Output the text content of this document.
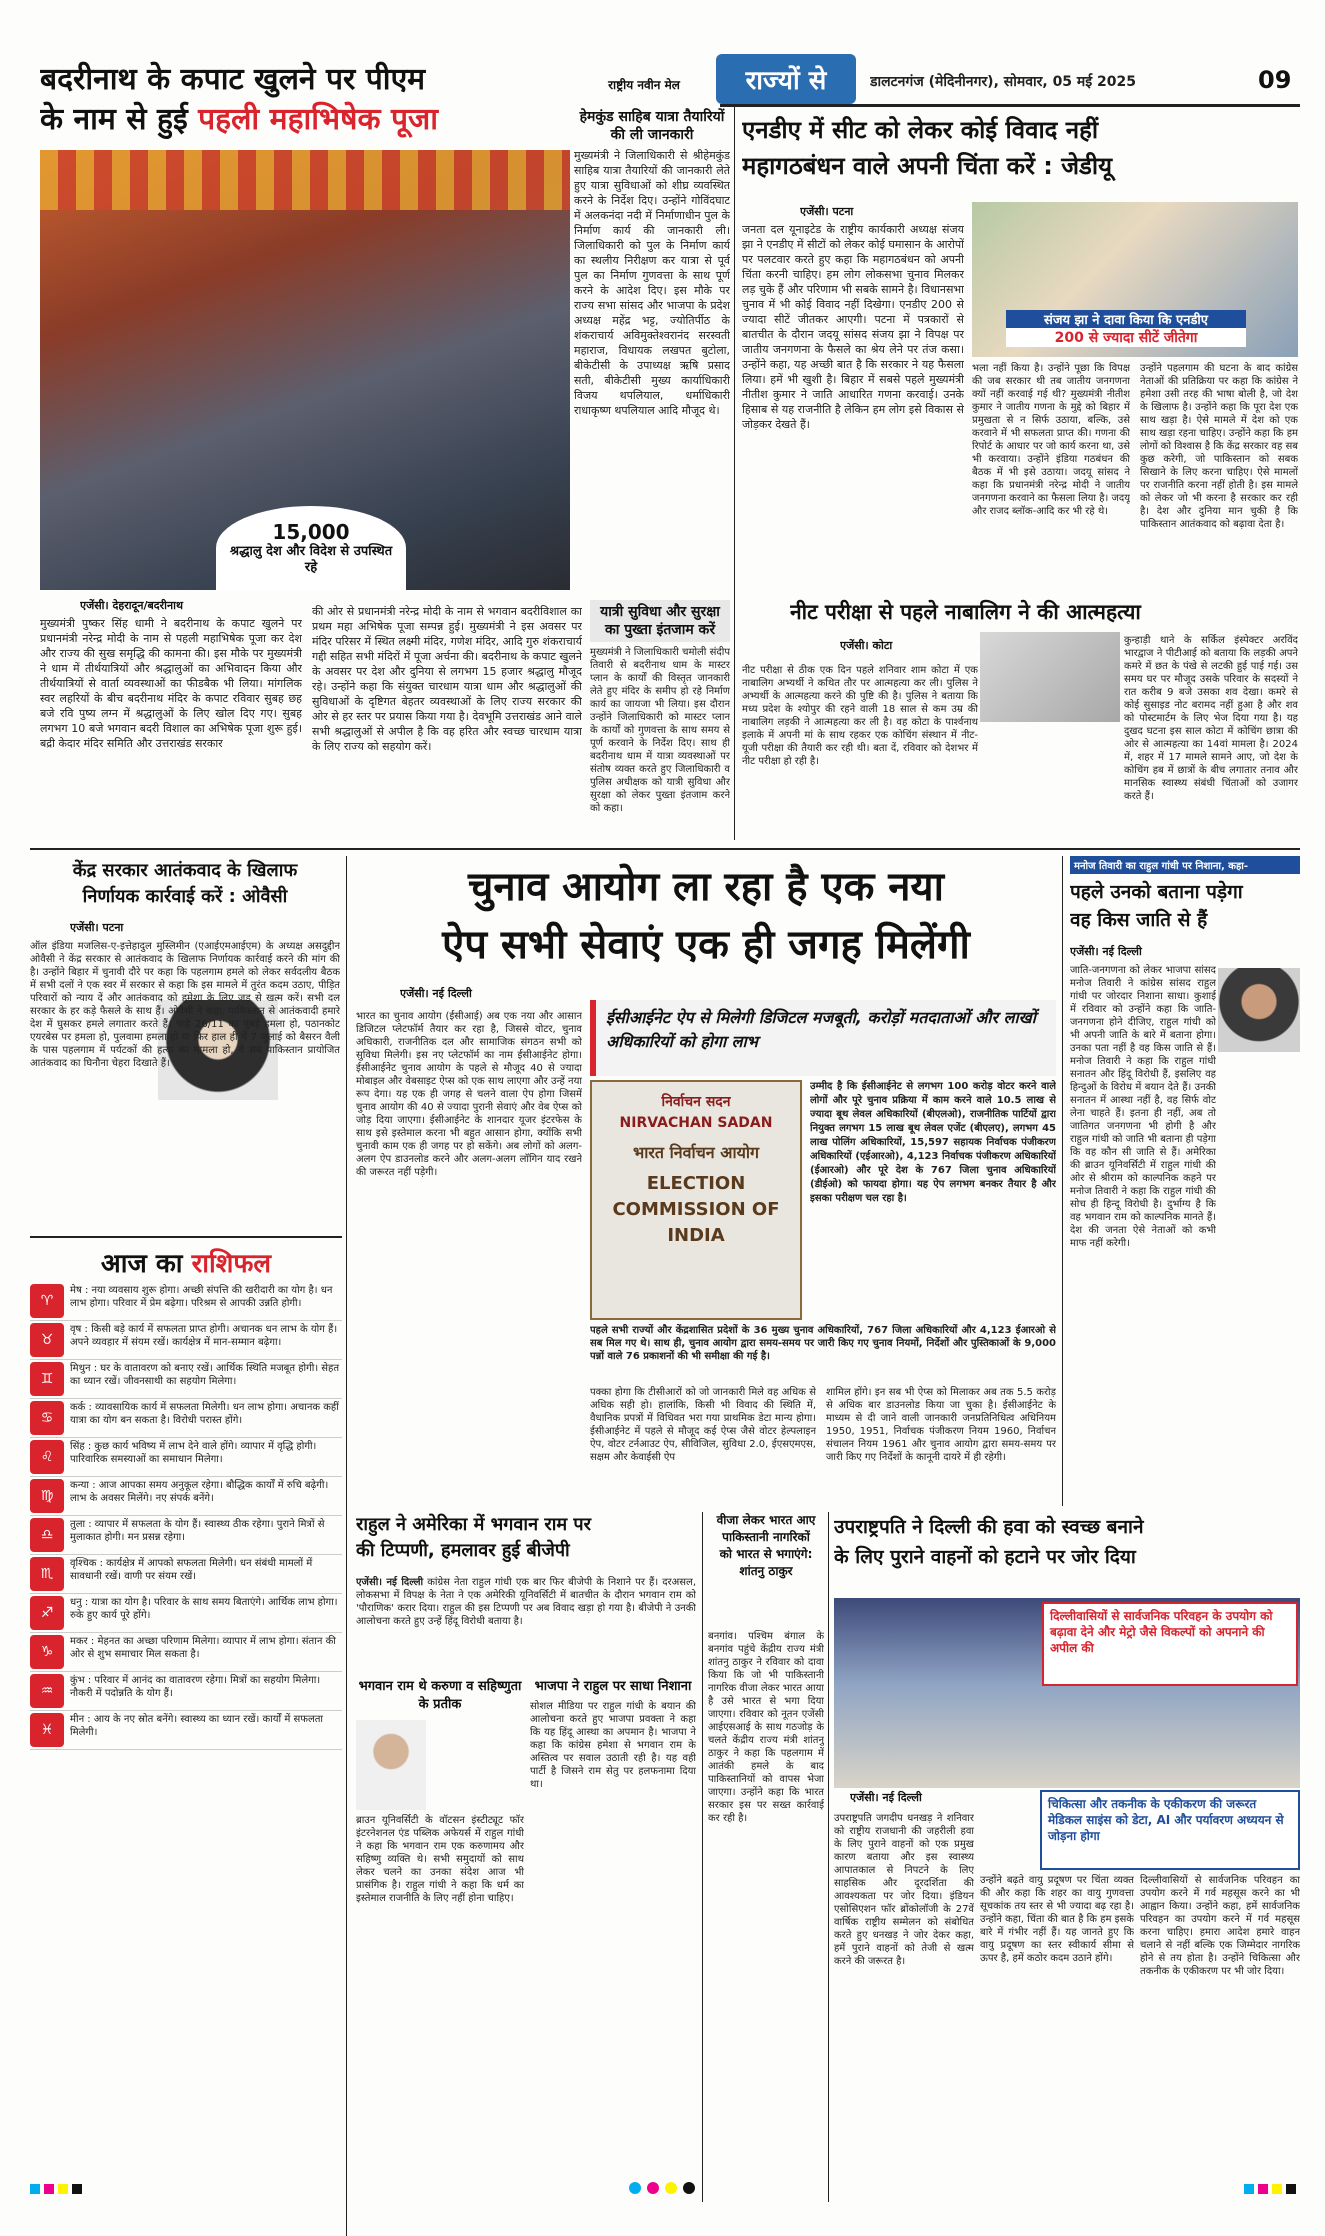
राष्ट्रीय नवीन मेल	राज्यों से	डालटनगंज (मेदिनीनगर), सोमवार, 05 मई 2025	09
बदरीनाथ के कपाट खुलने पर पीएम
के नाम से हुई पहली महाभिषेक पूजा
15,000
श्रद्धालु देश और विदेश से उपस्थित रहे
एजेंसी। देहरादून/बदरीनाथ

मुख्यमंत्री पुष्कर सिंह धामी ने बदरीनाथ के कपाट खुलने पर प्रधानमंत्री नरेन्द्र मोदी के नाम से पहली महाभिषेक पूजा कर देश और राज्य की सुख समृद्धि की कामना की। इस मौके पर मुख्यमंत्री ने धाम में तीर्थयात्रियों और श्रद्धालुओं का अभिवादन किया और तीर्थयात्रियों से वार्ता व्यवस्थाओं का फीडबैक भी लिया। मांगलिक स्वर लहरियों के बीच बदरीनाथ मंदिर के कपाट रविवार सुबह छह बजे रवि पुष्य लग्न में श्रद्धालुओं के लिए खोल दिए गए। सुबह लगभग 10 बजे भगवान बदरी विशाल का अभिषेक पूजा शुरू हुई। बद्री केदार मंदिर समिति और उत्तराखंड सरकार

की ओर से प्रधानमंत्री नरेन्द्र मोदी के नाम से भगवान बदरीविशाल का प्रथम महा अभिषेक पूजा सम्पन्न हुई। मुख्यमंत्री ने इस अवसर पर मंदिर परिसर में स्थित लक्ष्मी मंदिर, गणेश मंदिर, आदि गुरु शंकराचार्य गद्दी सहित सभी मंदिरों में पूजा अर्चना की। बदरीनाथ के कपाट खुलने के अवसर पर देश और दुनिया से लगभग 15 हजार श्रद्धालु मौजूद रहे। उन्होंने कहा कि संयुक्त चारधाम यात्रा धाम और श्रद्धालुओं की सुविधाओं के दृष्टिगत बेहतर व्यवस्थाओं के लिए राज्य सरकार की ओर से हर स्तर पर प्रयास किया गया है। देवभूमि उत्तराखंड आने वाले सभी श्रद्धालुओं से अपील है कि वह हरित और स्वच्छ चारधाम यात्रा के लिए राज्य को सहयोग करें।

हेमकुंड साहिब यात्रा तैयारियों की ली जानकारी
मुख्यमंत्री ने जिलाधिकारी से श्रीहेमकुंड साहिब यात्रा तैयारियों की जानकारी लेते हुए यात्रा सुविधाओं को शीघ्र व्यवस्थित करने के निर्देश दिए। उन्होंने गोविंदघाट में अलकनंदा नदी में निर्माणाधीन पुल के निर्माण कार्य की जानकारी ली। जिलाधिकारी को पुल के निर्माण कार्य का स्थलीय निरीक्षण कर यात्रा से पूर्व पुल का निर्माण गुणवत्ता के साथ पूर्ण करने के आदेश दिए। इस मौके पर राज्य सभा सांसद और भाजपा के प्रदेश अध्यक्ष महेंद्र भट्ट, ज्योतिर्पीठ के शंकराचार्य अविमुक्तेश्वरानंद सरस्वती महाराज, विधायक लखपत बुटोला, बीकेटीसी के उपाध्यक्ष ऋषि प्रसाद सती, बीकेटीसी मुख्य कार्याधिकारी विजय थपलियाल, धर्माधिकारी राधाकृष्ण थपलियाल आदि मौजूद थे।
यात्री सुविधा और सुरक्षा का पुख्ता इंतजाम करें
मुख्यमंत्री ने जिलाधिकारी चमोली संदीप तिवारी से बदरीनाथ धाम के मास्टर प्लान के कार्यों की विस्तृत जानकारी लेते हुए मंदिर के समीप हो रहे निर्माण कार्य का जायजा भी लिया। इस दौरान उन्होंने जिलाधिकारी को मास्टर प्लान के कार्यों को गुणवत्ता के साथ समय से पूर्ण करवाने के निर्देश दिए। साथ ही बदरीनाथ धाम में यात्रा व्यवस्थाओं पर संतोष व्यक्त करते हुए जिलाधिकारी व पुलिस अधीक्षक को यात्री सुविधा और सुरक्षा को लेकर पुख्ता इंतजाम करने को कहा।
एनडीए में सीट को लेकर कोई विवाद नहीं
महागठबंधन वाले अपनी चिंता करें : जेडीयू
एजेंसी। पटना
संजय झा ने दावा किया कि एनडीए
200 से ज्यादा सीटें जीतेगा
जनता दल यूनाइटेड के राष्ट्रीय कार्यकारी अध्यक्ष संजय झा ने एनडीए में सीटों को लेकर कोई घमासान के आरोपों पर पलटवार करते हुए कहा कि महागठबंधन को अपनी चिंता करनी चाहिए। हम लोग लोकसभा चुनाव मिलकर लड़ चुके हैं और परिणाम भी सबके सामने है। विधानसभा चुनाव में भी कोई विवाद नहीं दिखेगा। एनडीए 200 से ज्यादा सीटें जीतकर आएगी। पटना में पत्रकारों से बातचीत के दौरान जदयू सांसद संजय झा ने विपक्ष पर जातीय जनगणना के फैसले का श्रेय लेने पर तंज कसा। उन्होंने कहा, यह अच्छी बात है कि सरकार ने यह फैसला लिया। हमें भी खुशी है। बिहार में सबसे पहले मुख्यमंत्री नीतीश कुमार ने जाति आधारित गणना करवाई। उनके हिसाब से यह राजनीति है लेकिन हम लोग इसे विकास से जोड़कर देखते हैं।
भला नहीं किया है। उन्होंने पूछा कि विपक्ष की जब सरकार थी तब जातीय जनगणना क्यों नहीं करवाई गई थी? मुख्यमंत्री नीतीश कुमार ने जातीय गणना के मुद्दे को बिहार में प्रमुखता से न सिर्फ उठाया, बल्कि, उसे करवाने में भी सफलता प्राप्त की। गणना की रिपोर्ट के आधार पर जो कार्य करना था, उसे भी करवाया। उन्होंने इंडिया गठबंधन की बैठक में भी इसे उठाया। जदयू सांसद ने कहा कि प्रधानमंत्री नरेन्द्र मोदी ने जातीय जनगणना करवाने का फैसला लिया है। जदयू और राजद ब्लॉक-आदि कर भी रहे थे।
उन्होंने पहलगाम की घटना के बाद कांग्रेस नेताओं की प्रतिक्रिया पर कहा कि कांग्रेस ने हमेशा उसी तरह की भाषा बोली है, जो देश के खिलाफ है। उन्होंने कहा कि पूरा देश एक साथ खड़ा है। ऐसे मामले में देश को एक साथ खड़ा रहना चाहिए। उन्होंने कहा कि हम लोगों को विश्वास है कि केंद्र सरकार वह सब कुछ करेगी, जो पाकिस्तान को सबक सिखाने के लिए करना चाहिए। ऐसे मामलों पर राजनीति करना नहीं होती है। इस मामले को लेकर जो भी करना है सरकार कर रही है। देश और दुनिया मान चुकी है कि पाकिस्तान आतंकवाद को बढ़ावा देता है।
नीट परीक्षा से पहले नाबालिग ने की आत्महत्या
एजेंसी। कोटा
नीट परीक्षा से ठीक एक दिन पहले शनिवार शाम कोटा में एक नाबालिग अभ्यर्थी ने कथित तौर पर आत्महत्या कर ली। पुलिस ने अभ्यर्थी के आत्महत्या करने की पुष्टि की है। पुलिस ने बताया कि मध्य प्रदेश के श्योपुर की रहने वाली 18 साल से कम उम्र की नाबालिग लड़की ने आत्महत्या कर ली है। वह कोटा के पार्श्वनाथ इलाके में अपनी मां के साथ रहकर एक कोचिंग संस्थान में नीट-यूजी परीक्षा की तैयारी कर रही थी। बता दें, रविवार को देशभर में नीट परीक्षा हो रही है।
कुन्हाड़ी थाने के सर्किल इंस्पेक्टर अरविंद भारद्वाज ने पीटीआई को बताया कि लड़की अपने कमरे में छत के पंखे से लटकी हुई पाई गई। उस समय घर पर मौजूद उसके परिवार के सदस्यों ने रात करीब 9 बजे उसका शव देखा। कमरे से कोई सुसाइड नोट बरामद नहीं हुआ है और शव को पोस्टमार्टम के लिए भेज दिया गया है। यह दुखद घटना इस साल कोटा में कोचिंग छात्रा की ओर से आत्महत्या का 14वां मामला है। 2024 में, शहर में 17 मामले सामने आए, जो देश के कोचिंग हब में छात्रों के बीच लगातार तनाव और मानसिक स्वास्थ्य संबंधी चिंताओं को उजागर करते हैं।
केंद्र सरकार आतंकवाद के खिलाफ
निर्णायक कार्रवाई करें : ओवैसी
एजेंसी। पटना
ऑल इंडिया मजलिस-ए-इत्तेहादुल मुस्लिमीन (एआईएमआईएम) के अध्यक्ष असदुद्दीन ओवैसी ने केंद्र सरकार से आतंकवाद के खिलाफ निर्णायक कार्रवाई करने की मांग की है। उन्होंने बिहार में चुनावी दौरे पर कहा कि पहलगाम हमले को लेकर सर्वदलीय बैठक में सभी दलों ने एक स्वर में सरकार से कहा कि इस मामले में तुरंत कदम उठाए, पीड़ित परिवारों को न्याय दें और आतंकवाद को हमेशा के लिए जड़ से खत्म करें। सभी दल सरकार के हर कड़े फैसले के साथ हैं। ओवैसी ने कहा, पाकिस्तान से आतंकवादी हमारे देश में घुसकर हमले लगातार करते हैं। चाहे 26/11 का मुंबई हमला हो, पठानकोट एयरबेस पर हमला हो, पुलवामा हमला हो या फिर हाल ही में 7 जुलाई को बैसरन वैली के पास पहलगाम में पर्यटकों की हत्या का मामला हो, ये सब पाकिस्तान प्रायोजित आतंकवाद का घिनौना चेहरा दिखाते हैं।
चुनाव आयोग ला रहा है एक नया
ऐप सभी सेवाएं एक ही जगह मिलेंगी
एजेंसी। नई दिल्ली
ईसीआईनेट ऐप से मिलेगी डिजिटल मजबूती, करोड़ों मतदाताओं और लाखों अधिकारियों को होगा लाभ
भारत का चुनाव आयोग (ईसीआई) अब एक नया और आसान डिजिटल प्लेटफॉर्म तैयार कर रहा है, जिससे वोटर, चुनाव अधिकारी, राजनीतिक दल और सामाजिक संगठन सभी को सुविधा मिलेगी। इस नए प्लेटफॉर्म का नाम ईसीआईनेट होगा। ईसीआईनेट चुनाव आयोग के पहले से मौजूद 40 से ज्यादा मोबाइल और वेबसाइट ऐप्स को एक साथ लाएगा और उन्हें नया रूप देगा। यह एक ही जगह से चलने वाला ऐप होगा जिसमें चुनाव आयोग की 40 से ज्यादा पुरानी सेवाएं और वेब ऐप्स को जोड़ दिया जाएगा। ईसीआईनेट के शानदार यूजर इंटरफेस के साथ इसे इस्तेमाल करना भी बहुत आसान होगा, क्योंकि सभी चुनावी काम एक ही जगह पर हो सकेंगे। अब लोगों को अलग-अलग ऐप डाउनलोड करने और अलग-अलग लॉगिन याद रखने की जरूरत नहीं पड़ेगी।
उम्मीद है कि ईसीआईनेट से लगभग 100 करोड़ वोटर करने वाले लोगों और पूरे चुनाव प्रक्रिया में काम करने वाले 10.5 लाख से ज्यादा बूथ लेवल अधिकारियों (बीएलओ), राजनीतिक पार्टियों द्वारा नियुक्त लगभग 15 लाख बूथ लेवल एजेंट (बीएलए), लगभग 45 लाख पोलिंग अधिकारियों, 15,597 सहायक निर्वाचक पंजीकरण अधिकारियों (एईआरओ), 4,123 निर्वाचक पंजीकरण अधिकारियों (ईआरओ) और पूरे देश के 767 जिला चुनाव अधिकारियों (डीईओ) को फायदा होगा। यह ऐप लगभग बनकर तैयार है और इसका परीक्षण चल रहा है।
निर्वाचन सदन
NIRVACHAN SADAN
भारत निर्वाचन आयोग
ELECTION COMMISSION OF INDIA
पहले सभी राज्यों और केंद्रशासित प्रदेशों के 36 मुख्य चुनाव अधिकारियों, 767 जिला अधिकारियों और 4,123 ईआरओ से सब मिल गए थे। साथ ही, चुनाव आयोग द्वारा समय-समय पर जारी किए गए चुनाव नियमों, निर्देशों और पुस्तिकाओं के 9,000 पन्नों वाले 76 प्रकाशनों की भी समीक्षा की गई है।
पक्का होगा कि टीसीआरों को जो जानकारी मिले वह अधिक से अधिक सही हो। हालांकि, किसी भी विवाद की स्थिति में, वैधानिक प्रपत्रों में विधिवत भरा गया प्राथमिक डेटा मान्य होगा। ईसीआईनेट में पहले से मौजूद कई ऐप्स जैसे वोटर हेल्पलाइन ऐप, वोटर टर्नआउट ऐप, सीविजिल, सुविधा 2.0, ईएसएमएस, सक्षम और केवाईसी ऐप
शामिल होंगे। इन सब भी ऐप्स को मिलाकर अब तक 5.5 करोड़ से अधिक बार डाउनलोड किया जा चुका है। ईसीआईनेट के माध्यम से दी जाने वाली जानकारी जनप्रतिनिधित्व अधिनियम 1950, 1951, निर्वाचक पंजीकरण नियम 1960, निर्वाचन संचालन नियम 1961 और चुनाव आयोग द्वारा समय-समय पर जारी किए गए निर्देशों के कानूनी दायरे में ही रहेगी।
मनोज तिवारी का राहुल गांधी पर निशाना, कहा-
पहले उनको बताना पड़ेगा
वह किस जाति से हैं
एजेंसी। नई दिल्ली
जाति-जनगणना को लेकर भाजपा सांसद मनोज तिवारी ने कांग्रेस सांसद राहुल गांधी पर जोरदार निशाना साधा। कुशाई में रविवार को उन्होंने कहा कि जाति-जनगणना होने दीजिए, राहुल गांधी को भी अपनी जाति के बारे में बताना होगा। उनका पता नहीं है वह किस जाति से हैं। मनोज तिवारी ने कहा कि राहुल गांधी सनातन और हिंदू विरोधी हैं, इसलिए वह हिन्दुओं के विरोध में बयान देते हैं। उनकी सनातन में आस्था नहीं है, वह सिर्फ वोट लेना चाहते हैं। इतना ही नहीं, अब तो जातिगत जनगणना भी होगी है और राहुल गांधी को जाति भी बताना ही पड़ेगा कि वह कौन सी जाति से हैं। अमेरिका की ब्राउन यूनिवर्सिटी में राहुल गांधी की ओर से श्रीराम को काल्पनिक कहने पर मनोज तिवारी ने कहा कि राहुल गांधी की सोच ही हिन्दू विरोधी है। दुर्भाग्य है कि वह भगवान राम को काल्पनिक मानते हैं। देश की जनता ऐसे नेताओं को कभी माफ नहीं करेगी।
आज का राशिफल
♈
मेष : नया व्यवसाय शुरू होगा। अच्छी संपत्ति की खरीदारी का योग है। धन लाभ होगा। परिवार में प्रेम बढ़ेगा। परिश्रम से आपकी उन्नति होगी।
♉
वृष : किसी बड़े कार्य में सफलता प्राप्त होगी। अचानक धन लाभ के योग हैं। अपने व्यवहार में संयम रखें। कार्यक्षेत्र में मान-सम्मान बढ़ेगा।
♊
मिथुन : घर के वातावरण को बनाए रखें। आर्थिक स्थिति मजबूत होगी। सेहत का ध्यान रखें। जीवनसाथी का सहयोग मिलेगा।
♋
कर्क : व्यावसायिक कार्य में सफलता मिलेगी। धन लाभ होगा। अचानक कहीं यात्रा का योग बन सकता है। विरोधी परास्त होंगे।
♌
सिंह : कुछ कार्य भविष्य में लाभ देने वाले होंगे। व्यापार में वृद्धि होगी। पारिवारिक समस्याओं का समाधान मिलेगा।
♍
कन्या : आज आपका समय अनुकूल रहेगा। बौद्धिक कार्यों में रुचि बढ़ेगी। लाभ के अवसर मिलेंगे। नए संपर्क बनेंगे।
♎
तुला : व्यापार में सफलता के योग हैं। स्वास्थ्य ठीक रहेगा। पुराने मित्रों से मुलाकात होगी। मन प्रसन्न रहेगा।
♏
वृश्चिक : कार्यक्षेत्र में आपको सफलता मिलेगी। धन संबंधी मामलों में सावधानी रखें। वाणी पर संयम रखें।
♐
धनु : यात्रा का योग है। परिवार के साथ समय बिताएंगे। आर्थिक लाभ होगा। रुके हुए कार्य पूरे होंगे।
♑
मकर : मेहनत का अच्छा परिणाम मिलेगा। व्यापार में लाभ होगा। संतान की ओर से शुभ समाचार मिल सकता है।
♒
कुंभ : परिवार में आनंद का वातावरण रहेगा। मित्रों का सहयोग मिलेगा। नौकरी में पदोन्नति के योग हैं।
♓
मीन : आय के नए स्रोत बनेंगे। स्वास्थ्य का ध्यान रखें। कार्यों में सफलता मिलेगी।
राहुल ने अमेरिका में भगवान राम पर
की टिप्पणी, हमलावर हुई बीजेपी
एजेंसी। नई दिल्ली कांग्रेस नेता राहुल गांधी एक बार फिर बीजेपी के निशाने पर हैं। दरअसल, लोकसभा में विपक्ष के नेता ने एक अमेरिकी यूनिवर्सिटी में बातचीत के दौरान भगवान राम को 'पौराणिक' करार दिया। राहुल की इस टिप्पणी पर अब विवाद खड़ा हो गया है। बीजेपी ने उनकी आलोचना करते हुए उन्हें हिंदू विरोधी बताया है।
भगवान राम थे करुणा व सहिष्णुता के प्रतीक
ब्राउन यूनिवर्सिटी के वॉटसन इंस्टीट्यूट फॉर इंटरनेशनल एंड पब्लिक अफेयर्स में राहुल गांधी ने कहा कि भगवान राम एक करुणामय और सहिष्णु व्यक्ति थे। सभी समुदायों को साथ लेकर चलने का उनका संदेश आज भी प्रासंगिक है। राहुल गांधी ने कहा कि धर्म का इस्तेमाल राजनीति के लिए नहीं होना चाहिए।
भाजपा ने राहुल पर साधा निशाना
सोशल मीडिया पर राहुल गांधी के बयान की आलोचना करते हुए भाजपा प्रवक्ता ने कहा कि यह हिंदू आस्था का अपमान है। भाजपा ने कहा कि कांग्रेस हमेशा से भगवान राम के अस्तित्व पर सवाल उठाती रही है। यह वही पार्टी है जिसने राम सेतु पर हलफनामा दिया था।
वीजा लेकर भारत आए
पाकिस्तानी नागरिकों
को भारत से भगाएंगे:
शांतनु ठाकुर
बनगांव। पश्चिम बंगाल के बनगांव पहुंचे केंद्रीय राज्य मंत्री शांतनु ठाकुर ने रविवार को दावा किया कि जो भी पाकिस्तानी नागरिक वीजा लेकर भारत आया है उसे भारत से भगा दिया जाएगा। रविवार को नूतन एजेंसी आईएसआई के साथ गठजोड़ के चलते केंद्रीय राज्य मंत्री शांतनु ठाकुर ने कहा कि पहलगाम में आतंकी हमले के बाद पाकिस्तानियों को वापस भेजा जाएगा। उन्होंने कहा कि भारत सरकार इस पर सख्त कार्रवाई कर रही है।
उपराष्ट्रपति ने दिल्ली की हवा को स्वच्छ बनाने
के लिए पुराने वाहनों को हटाने पर जोर दिया
दिल्लीवासियों से सार्वजनिक परिवहन के उपयोग को बढ़ावा देने और मेट्रो जैसे विकल्पों को अपनाने की अपील की
चिकित्सा और तकनीक के एकीकरण की जरूरत मेडिकल साइंस को डेटा, AI और पर्यावरण अध्ययन से जोड़ना होगा
एजेंसी। नई दिल्ली
उपराष्ट्रपति जगदीप धनखड़ ने शनिवार को राष्ट्रीय राजधानी की जहरीली हवा के लिए पुराने वाहनों को एक प्रमुख कारण बताया और इस स्वास्थ्य आपातकाल से निपटने के लिए साहसिक और दूरदर्शिता की आवश्यकता पर जोर दिया। इंडियन एसोसिएशन फॉर ब्रोंकोलॉजी के 27वें वार्षिक राष्ट्रीय सम्मेलन को संबोधित करते हुए धनखड़ ने जोर देकर कहा, हमें पुराने वाहनों को तेजी से खत्म करने की जरूरत है।
उन्होंने बढ़ते वायु प्रदूषण पर चिंता व्यक्त की और कहा कि शहर का वायु गुणवत्ता सूचकांक तय स्तर से भी ज्यादा बढ़ रहा है। उन्होंने कहा, चिंता की बात है कि हम इसके बारे में गंभीर नहीं हैं। यह जानते हुए कि वायु प्रदूषण का स्तर स्वीकार्य सीमा से ऊपर है, हमें कठोर कदम उठाने होंगे।
दिल्लीवासियों से सार्वजनिक परिवहन का उपयोग करने में गर्व महसूस करने का भी आह्वान किया। उन्होंने कहा, हमें सार्वजनिक परिवहन का उपयोग करने में गर्व महसूस करना चाहिए। हमारा आदेश हमारे वाहन चलाने से नहीं बल्कि एक जिम्मेदार नागरिक होने से तय होता है। उन्होंने चिकित्सा और तकनीक के एकीकरण पर भी जोर दिया।
